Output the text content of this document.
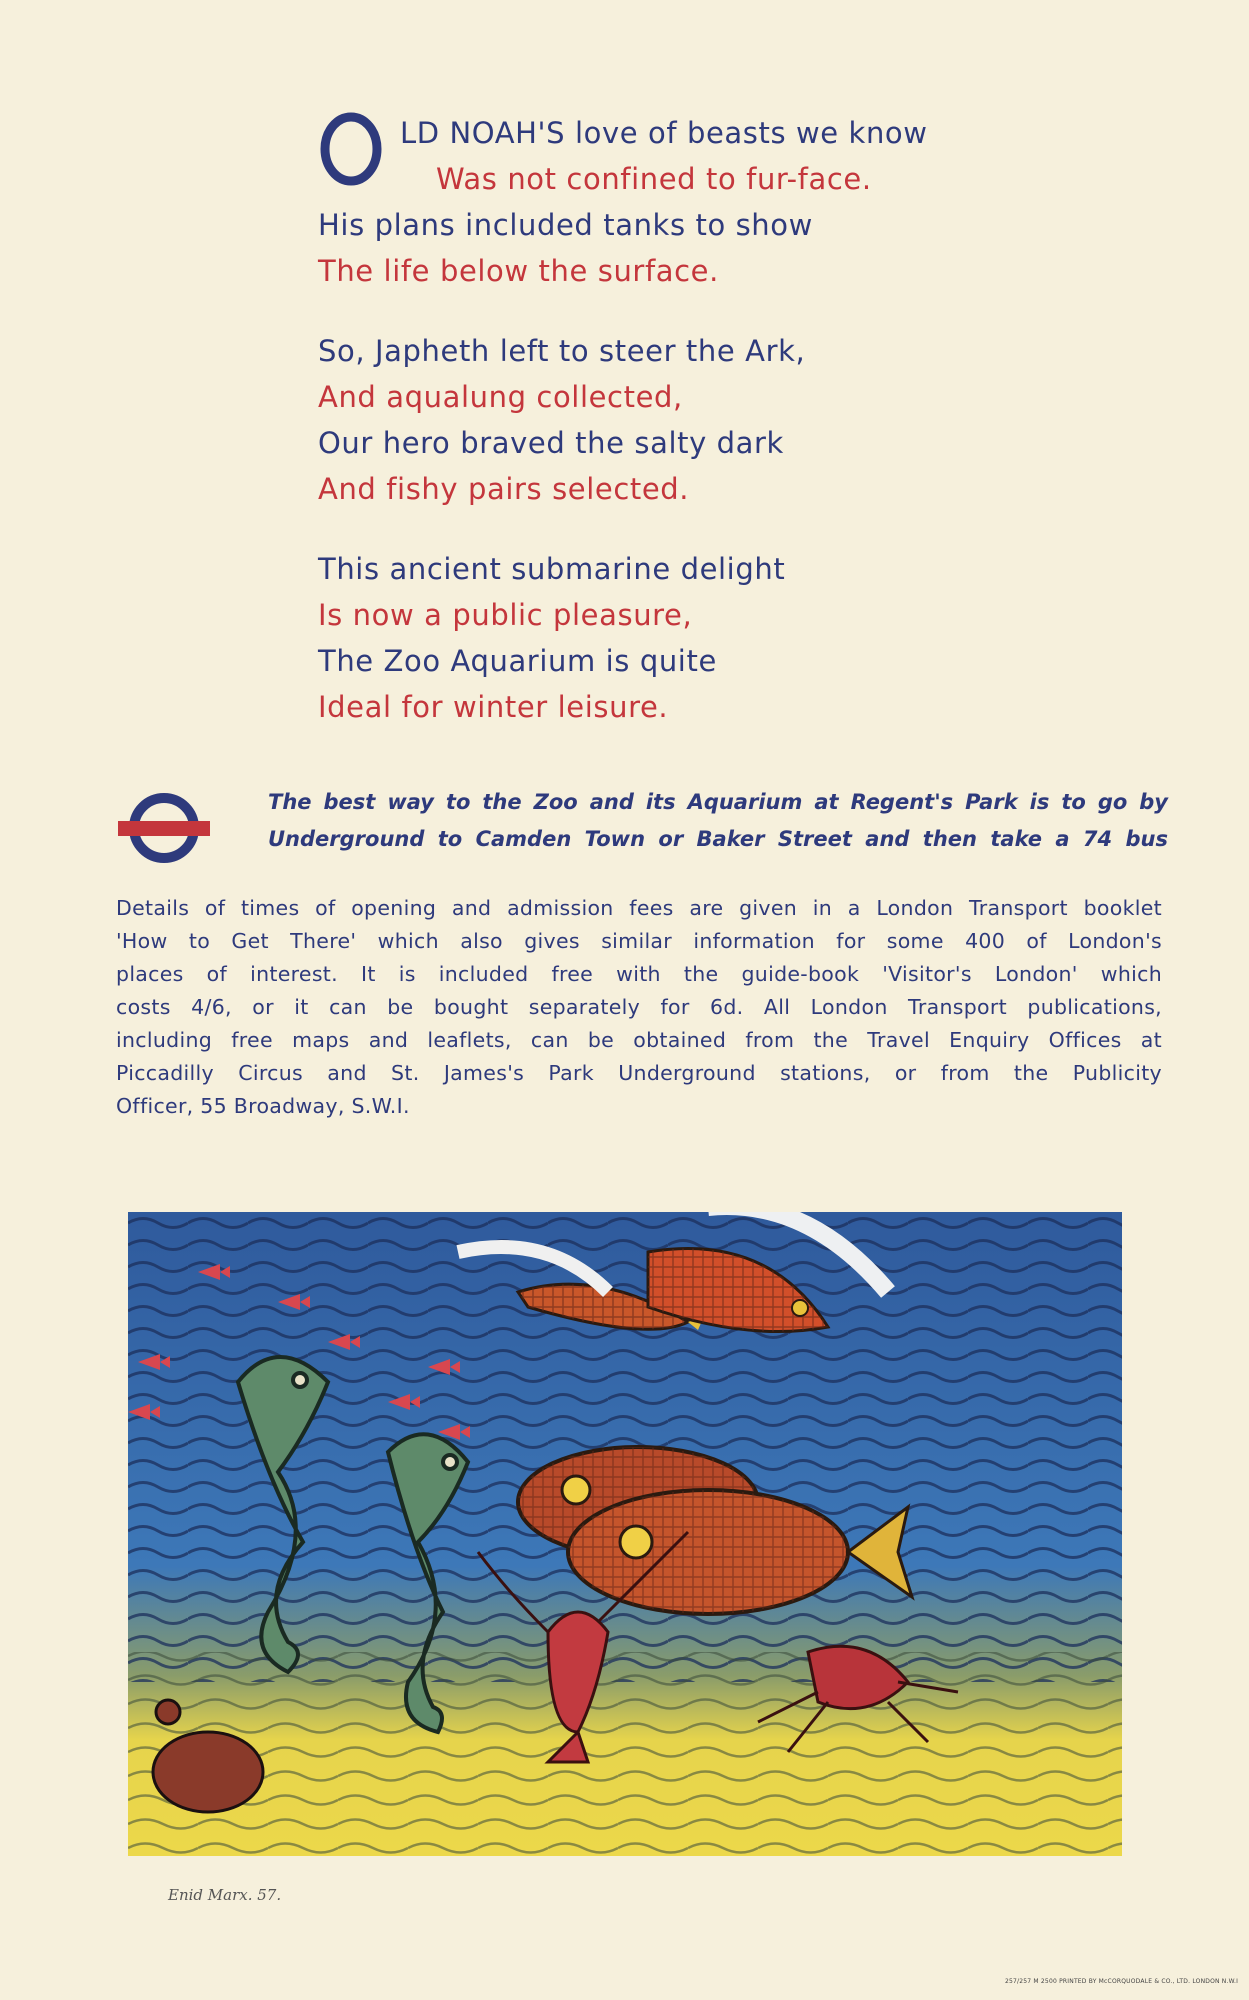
LD NOAH'S love of beasts we know
Was not confined to fur-face.
His plans included tanks to show
The life below the surface.
So, Japheth left to steer the Ark,
And aqualung collected,
Our hero braved the salty dark
And fishy pairs selected.
This ancient submarine delight
Is now a public pleasure,
The Zoo Aquarium is quite
Ideal for winter leisure.
The best way to the Zoo and its Aquarium at Regent's Park is to go by
Underground to Camden Town or Baker Street and then take a 74 bus
Details of times of opening and admission fees are given in a London Transport booklet
'How to Get There' which also gives similar information for some 400 of London's
places of interest. It is included free with the guide-book 'Visitor's London' which
costs 4/6, or it can be bought separately for 6d. All London Transport publications,
including free maps and leaflets, can be obtained from the Travel Enquiry Offices at
Piccadilly Circus and St. James's Park Underground stations, or from the Publicity
Officer, 55 Broadway, S.W.I.
Enid Marx. 57.
257/257 M 2500 PRINTED BY McCORQUODALE & CO., LTD. LONDON N.W.I
